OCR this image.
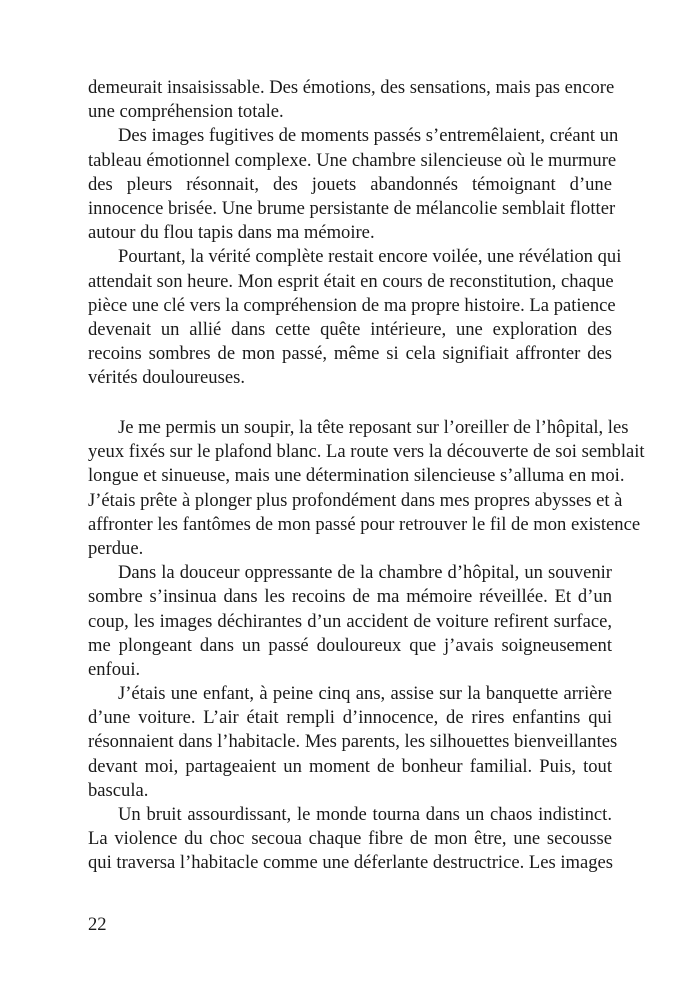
demeurait insaisissable. Des émotions, des sensations, mais pas encore
une compréhension totale.
Des images fugitives de moments passés s’entremêlaient, créant un
tableau émotionnel complexe. Une chambre silencieuse où le murmure
des pleurs résonnait, des jouets abandonnés témoignant d’une
innocence brisée. Une brume persistante de mélancolie semblait flotter
autour du flou tapis dans ma mémoire.
Pourtant, la vérité complète restait encore voilée, une révélation qui
attendait son heure. Mon esprit était en cours de reconstitution, chaque
pièce une clé vers la compréhension de ma propre histoire. La patience
devenait un allié dans cette quête intérieure, une exploration des
recoins sombres de mon passé, même si cela signifiait affronter des
vérités douloureuses.
Je me permis un soupir, la tête reposant sur l’oreiller de l’hôpital, les
yeux fixés sur le plafond blanc. La route vers la découverte de soi semblait
longue et sinueuse, mais une détermination silencieuse s’alluma en moi.
J’étais prête à plonger plus profondément dans mes propres abysses et à
affronter les fantômes de mon passé pour retrouver le fil de mon existence
perdue.
Dans la douceur oppressante de la chambre d’hôpital, un souvenir
sombre s’insinua dans les recoins de ma mémoire réveillée. Et d’un
coup, les images déchirantes d’un accident de voiture refirent surface,
me plongeant dans un passé douloureux que j’avais soigneusement
enfoui.
J’étais une enfant, à peine cinq ans, assise sur la banquette arrière
d’une voiture. L’air était rempli d’innocence, de rires enfantins qui
résonnaient dans l’habitacle. Mes parents, les silhouettes bienveillantes
devant moi, partageaient un moment de bonheur familial. Puis, tout
bascula.
Un bruit assourdissant, le monde tourna dans un chaos indistinct.
La violence du choc secoua chaque fibre de mon être, une secousse
qui traversa l’habitacle comme une déferlante destructrice. Les images
22
